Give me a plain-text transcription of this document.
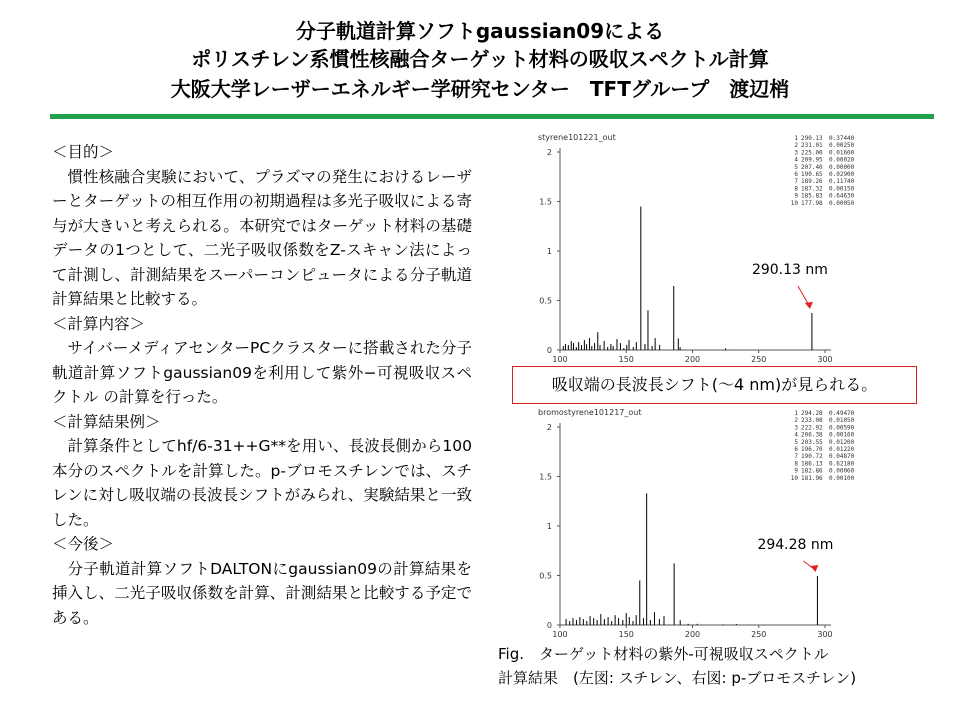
分子軌道計算ソフトgaussian09による
ポリスチレン系慣性核融合ターゲット材料の吸収スペクトル計算
大阪大学レーザーエネルギー学研究センター　TFTグループ　渡辺梢
＜目的＞
慣性核融合実験において、プラズマの発生におけるレーザーとターゲットの相互作用の初期過程は多光子吸収による寄与が大きいと考えられる。本研究ではターゲット材料の基礎データの1つとして、二光子吸収係数をZ-スキャン法によって計測し、計測結果をスーパーコンピュータによる分子軌道計算結果と比較する。
＜計算内容＞
サイバーメディアセンターPCクラスターに搭載された分子軌道計算ソフトgaussian09を利用して紫外−可視吸収スペクトル の計算を行った。
＜計算結果例＞
計算条件としてhf/6-31++G**を用い、長波長側から100本分のスペクトルを計算した。p-ブロモスチレンでは、スチレンに対し吸収端の長波長シフトがみられ、実験結果と一致した。
＜今後＞
分子軌道計算ソフトDALTONにgaussian09の計算結果を挿入し、二光子吸収係数を計算、計測結果と比較する予定である。
styrene101221_out
0
0.5
1
1.5
2
100	150	200	250	300
1 290.13 0.37440
2 231.01 0.00250
3 225.00 0.01600
4 209.95 0.00020
5 207.40 0.00000
6 190.65 0.02900
7 189.26 0.11740
8 187.32 0.00150
9 185.83 0.64630
10 177.98 0.00050
290.13 nm
bromostyrene101217_out
0
0.5
1
1.5
2
100	150	200	250	300
1 294.28 0.49470
2 233.08 0.01050
3 222.92 0.00590
4 206.38 0.00160
5 203.55 0.01200
6 196.70 0.01220
7 190.72 0.04870
8 186.13 0.62180
9 182.86 0.00060
10 181.96 0.00100
294.28 nm
吸収端の長波長シフト(〜4 nm)が見られる。
Fig.　ターゲット材料の紫外-可視吸収スペクトル
計算結果　(左図: スチレン、右図: p-ブロモスチレン)
